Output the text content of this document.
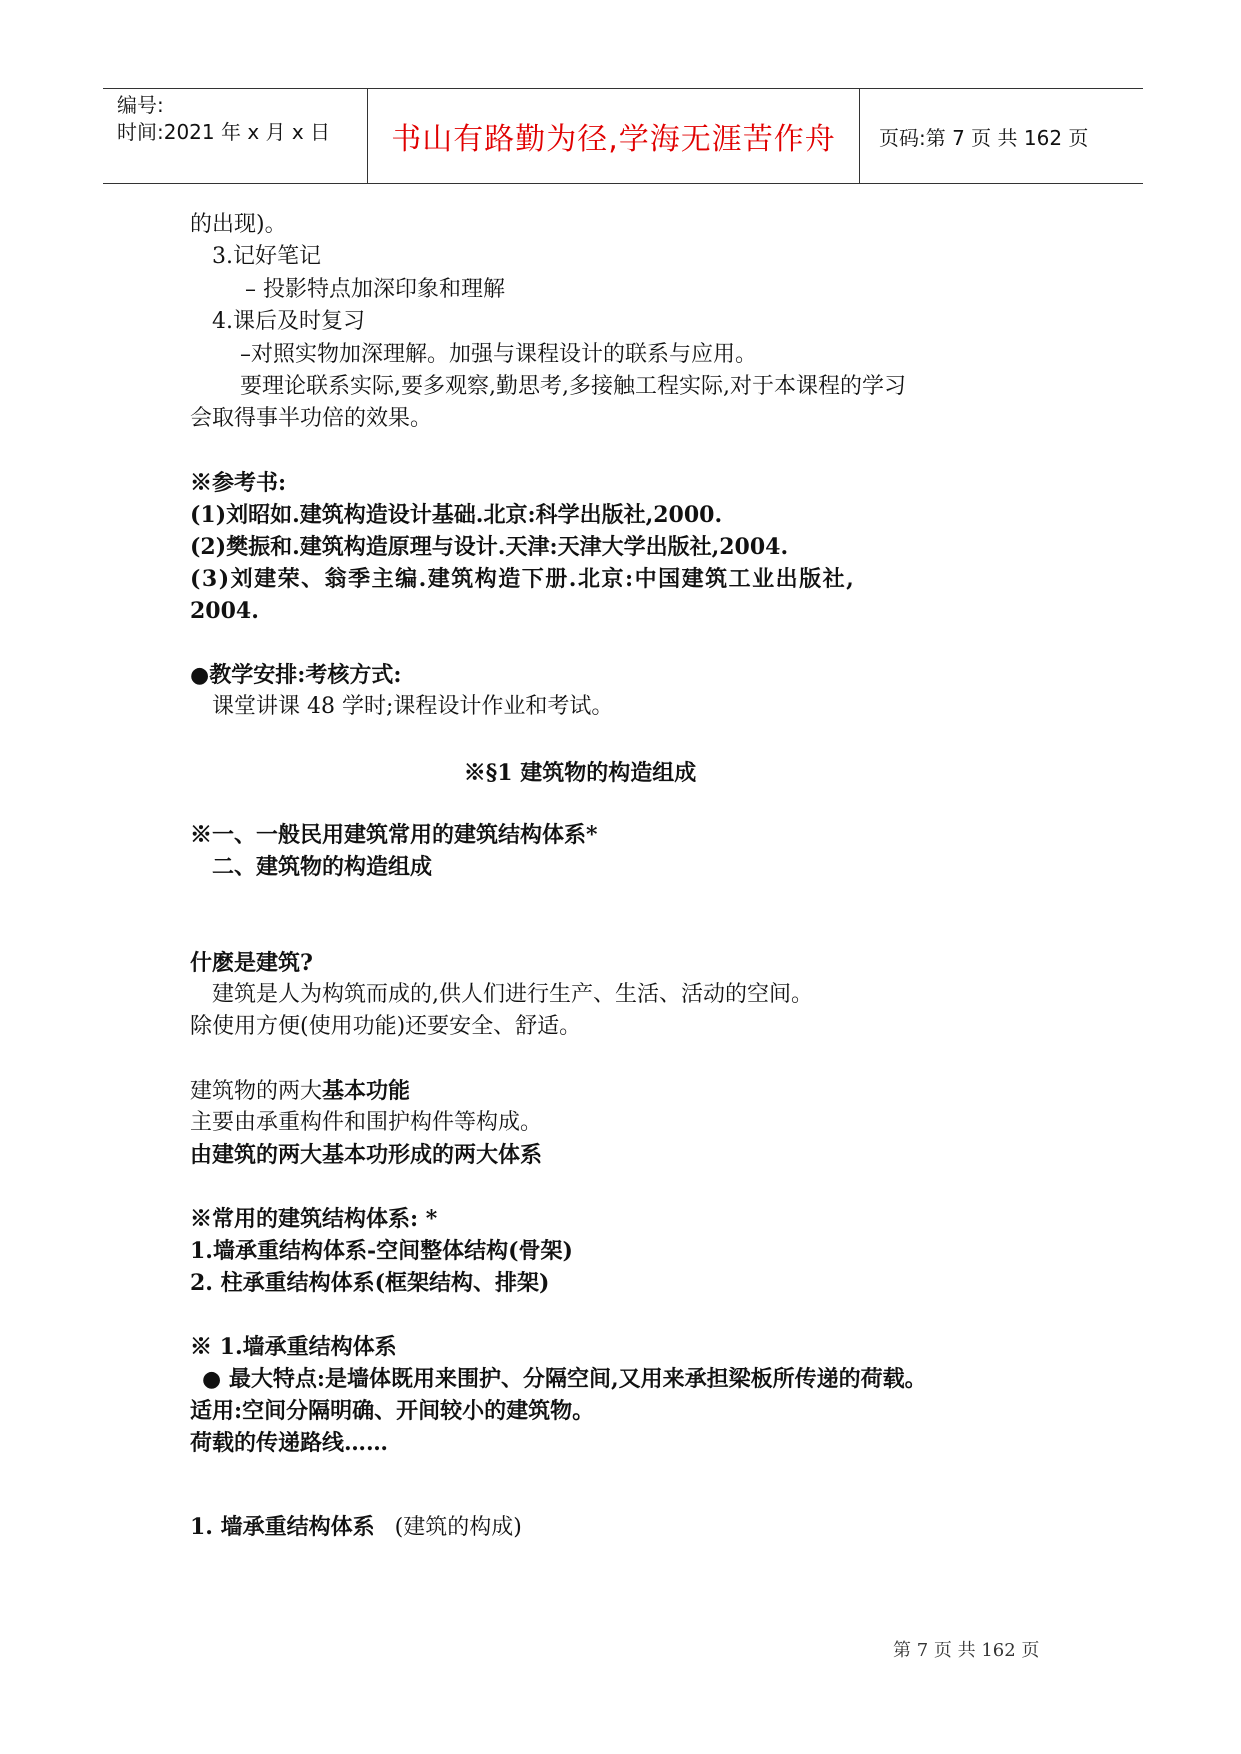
编号:
时间:2021 年 x 月 x 日	书山有路勤为径,学海无涯苦作舟 页码:第 7 页 共 162 页
的出现)。
3.记好笔记
– 投影特点加深印象和理解
4.课后及时复习
–对照实物加深理解。加强与课程设计的联系与应用。
要理论联系实际,要多观察,勤思考,多接触工程实际,对于本课程的学习
会取得事半功倍的效果。
※参考书:
(1)刘昭如.建筑构造设计基础.北京:科学出版社,2000.
(2)樊振和.建筑构造原理与设计.天津:天津大学出版社,2004.
(3)刘建荣、翁季主编.建筑构造下册.北京:中国建筑工业出版社,
2004.
●教学安排:考核方式:
课堂讲课 48 学时;课程设计作业和考试。
※§1 建筑物的构造组成
※一、一般民用建筑常用的建筑结构体系*
二、建筑物的构造组成
什麽是建筑?
建筑是人为构筑而成的,供人们进行生产、生活、活动的空间。
除使用方便(使用功能)还要安全、舒适。
建筑物的两大基本功能
主要由承重构件和围护构件等构成。
由建筑的两大基本功形成的两大体系
※常用的建筑结构体系: *
1.墙承重结构体系-空间整体结构(骨架)
2. 柱承重结构体系(框架结构、排架)
※ 1.墙承重结构体系
● 最大特点:是墙体既用来围护、分隔空间,又用来承担梁板所传递的荷载。
适用:空间分隔明确、开间较小的建筑物。
荷载的传递路线……
1. 墙承重结构体系 (建筑的构成)
第 7 页 共 162 页
